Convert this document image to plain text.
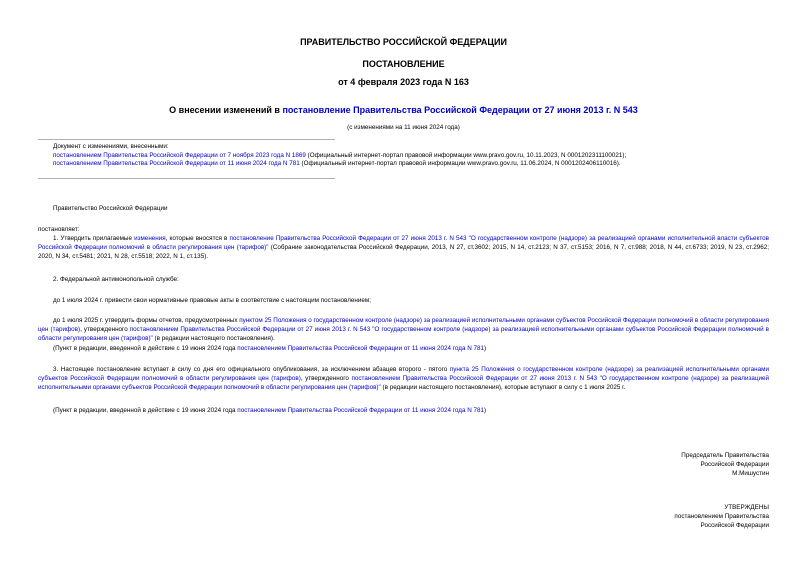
ПРАВИТЕЛЬСТВО РОССИЙСКОЙ ФЕДЕРАЦИИ
ПОСТАНОВЛЕНИЕ
от 4 февраля 2023 года N 163
О внесении изменений в постановление Правительства Российской Федерации от 27 июня 2013 г. N 543
(с изменениями на 11 июня 2024 года)
Документ с изменениями, внесенными:
постановлением Правительства Российской Федерации от 7 ноября 2023 года N 1869 (Официальный интернет-портал правовой информации www.pravo.gov.ru, 10.11.2023, N 0001202311100021);
постановлением Правительства Российской Федерации от 11 июня 2024 года N 781 (Официальный интернет-портал правовой информации www.pravo.gov.ru, 11.06.2024, N 0001202406110016).
Правительство Российской Федерации
постановляет:
1. Утвердить прилагаемые изменения, которые вносятся в постановление Правительства Российской Федерации от 27 июня 2013 г. N 543 "О государственном контроле (надзоре) за реализацией органами исполнительной власти субъектов Российской Федерации полномочий в области регулирования цен (тарифов)" (Собрание законодательства Российской Федерации, 2013, N 27, ст.3602; 2015, N 14, ст.2123; N 37, ст.5153; 2016, N 7, ст.988; 2018, N 44, ст.6733; 2019, N 23, ст.2962; 2020, N 34, ст.5481; 2021, N 28, ст.5518; 2022, N 1, ст.135).
2. Федеральной антимонопольной службе:
до 1 июля 2024 г. привести свои нормативные правовые акты в соответствие с настоящим постановлением;
до 1 июля 2025 г. утвердить формы отчетов, предусмотренных пунктом 25 Положения о государственном контроле (надзоре) за реализацией исполнительными органами субъектов Российской Федерации полномочий в области регулирования цен (тарифов), утвержденного постановлением Правительства Российской Федерации от 27 июня 2013 г. N 543 "О государственном контроле (надзоре) за реализацией исполнительными органами субъектов Российской Федерации полномочий в области регулирования цен (тарифов)" (в редакции настоящего постановления).
(Пункт в редакции, введенной в действие с 19 июня 2024 года постановлением Правительства Российской Федерации от 11 июня 2024 года N 781)
3. Настоящее постановление вступает в силу со дня его официального опубликования, за исключением абзацев второго - пятого пункта 25 Положения о государственном контроле (надзоре) за реализацией исполнительными органами субъектов Российской Федерации полномочий в области регулирования цен (тарифов), утвержденного постановлением Правительства Российской Федерации от 27 июня 2013 г. N 543 "О государственном контроле (надзоре) за реализацией исполнительными органами субъектов Российской Федерации полномочий в области регулирования цен (тарифов)" (в редакции настоящего постановления), которые вступают в силу с 1 июля 2025 г.
(Пункт в редакции, введенной в действие с 19 июня 2024 года постановлением Правительства Российской Федерации от 11 июня 2024 года N 781)
Председатель Правительства
Российской Федерации
М.Мишустин
УТВЕРЖДЕНЫ
постановлением Правительства
Российской Федерации
